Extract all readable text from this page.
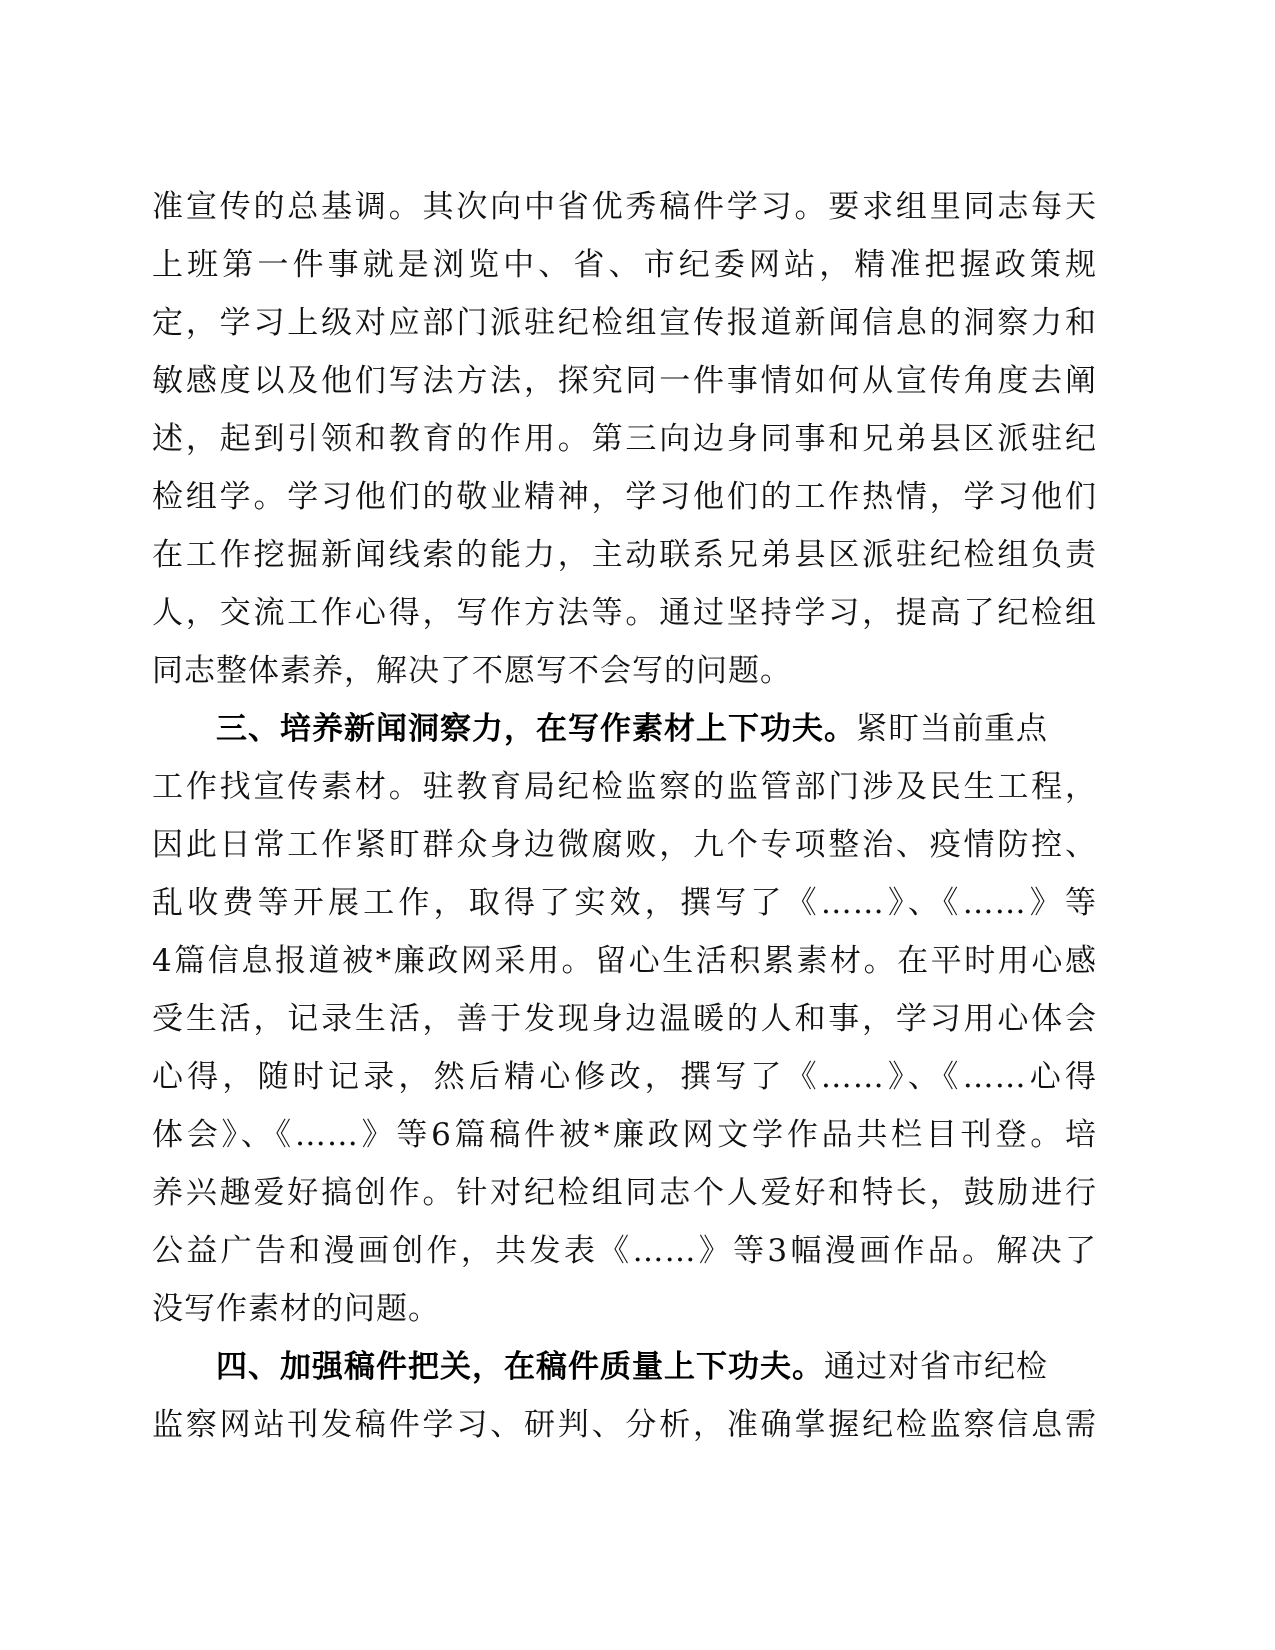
准宣传的总基调。其次向中省优秀稿件学习。要求组里同志每天
上班第一件事就是浏览中、省、市纪委网站，精准把握政策规
定，学习上级对应部门派驻纪检组宣传报道新闻信息的洞察力和
敏感度以及他们写法方法，探究同一件事情如何从宣传角度去阐
述，起到引领和教育的作用。第三向边身同事和兄弟县区派驻纪
检组学。学习他们的敬业精神，学习他们的工作热情，学习他们
在工作挖掘新闻线索的能力，主动联系兄弟县区派驻纪检组负责
人，交流工作心得，写作方法等。通过坚持学习，提高了纪检组
同志整体素养，解决了不愿写不会写的问题。
三、培养新闻洞察力，在写作素材上下功夫。紧盯当前重点
工作找宣传素材。驻教育局纪检监察的监管部门涉及民生工程，
因此日常工作紧盯群众身边微腐败，九个专项整治、疫情防控、
乱收费等开展工作，取得了实效，撰写了《……》、《……》等
4篇信息报道被*廉政网采用。留心生活积累素材。在平时用心感
受生活，记录生活，善于发现身边温暖的人和事，学习用心体会
心得，随时记录，然后精心修改，撰写了《……》、《……心得
体会》、《……》等6篇稿件被*廉政网文学作品共栏目刊登。培
养兴趣爱好搞创作。针对纪检组同志个人爱好和特长，鼓励进行
公益广告和漫画创作，共发表《……》等3幅漫画作品。解决了
没写作素材的问题。
四、加强稿件把关，在稿件质量上下功夫。通过对省市纪检
监察网站刊发稿件学习、研判、分析，准确掌握纪检监察信息需
